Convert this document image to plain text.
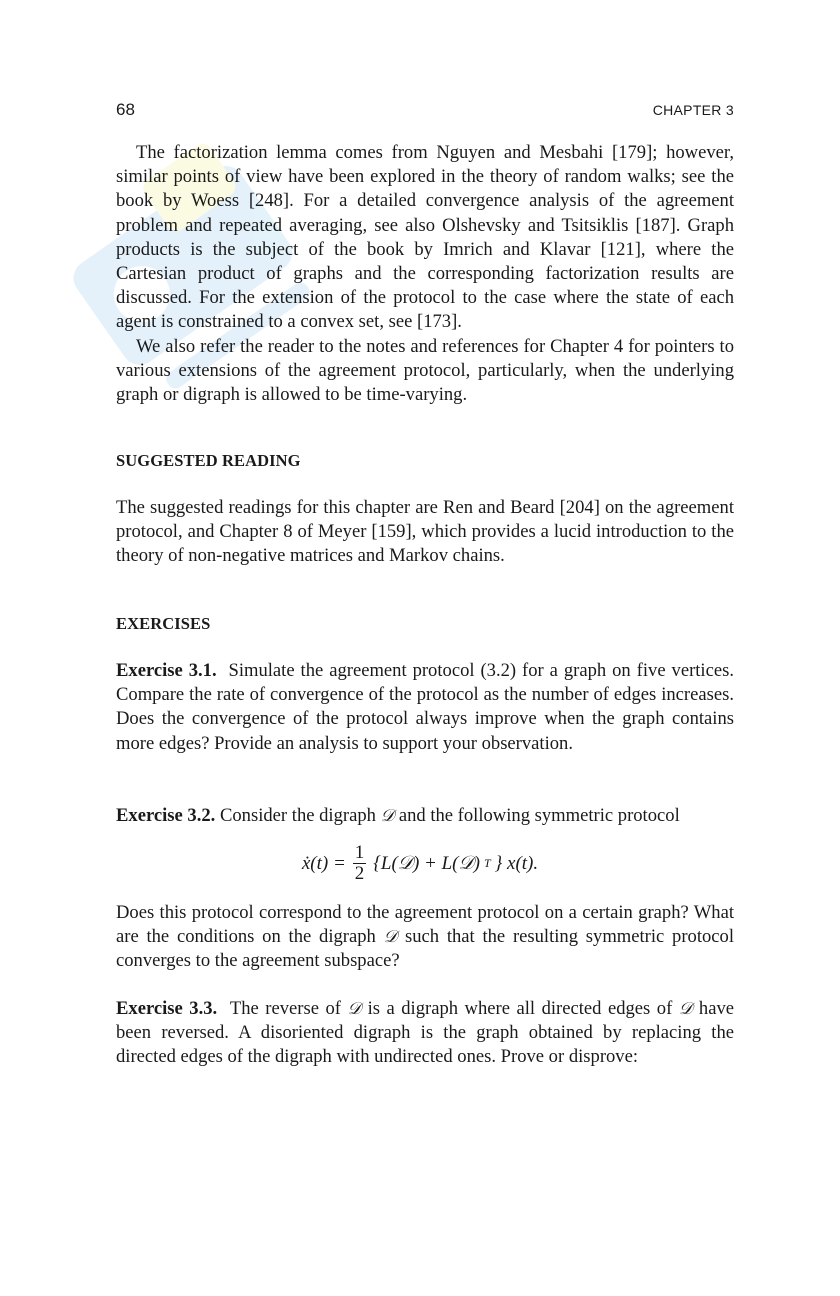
68	CHAPTER 3

The factorization lemma comes from Nguyen and Mesbahi [179]; however, similar points of view have been explored in the theory of random walks; see the book by Woess [248]. For a detailed convergence analysis of the agreement problem and repeated averaging, see also Olshevsky and Tsitsiklis [187]. Graph products is the subject of the book by Imrich and Klavar [121], where the Cartesian product of graphs and the corresponding factorization results are discussed. For the extension of the protocol to the case where the state of each agent is constrained to a convex set, see [173].

We also refer the reader to the notes and references for Chapter 4 for pointers to various extensions of the agreement protocol, particularly, when the underlying graph or digraph is allowed to be time-varying.

SUGGESTED READING

The suggested readings for this chapter are Ren and Beard [204] on the agreement protocol, and Chapter 8 of Meyer [159], which provides a lucid introduction to the theory of non-negative matrices and Markov chains.

EXERCISES

Exercise 3.1. Simulate the agreement protocol (3.2) for a graph on five vertices. Compare the rate of convergence of the protocol as the number of edges increases. Does the convergence of the protocol always improve when the graph contains more edges? Provide an analysis to support your observation.

Exercise 3.2. Consider the digraph 𝒟 and the following symmetric protocol

ẋ(t) = $\frac{1}{2}$ {L(𝒟) + L(𝒟) T } x(t).

Does this protocol correspond to the agreement protocol on a certain graph? What are the conditions on the digraph 𝒟 such that the resulting symmetric protocol converges to the agreement subspace?

Exercise 3.3. The reverse of 𝒟 is a digraph where all directed edges of 𝒟 have been reversed. A disoriented digraph is the graph obtained by replacing the directed edges of the digraph with undirected ones. Prove or disprove:
